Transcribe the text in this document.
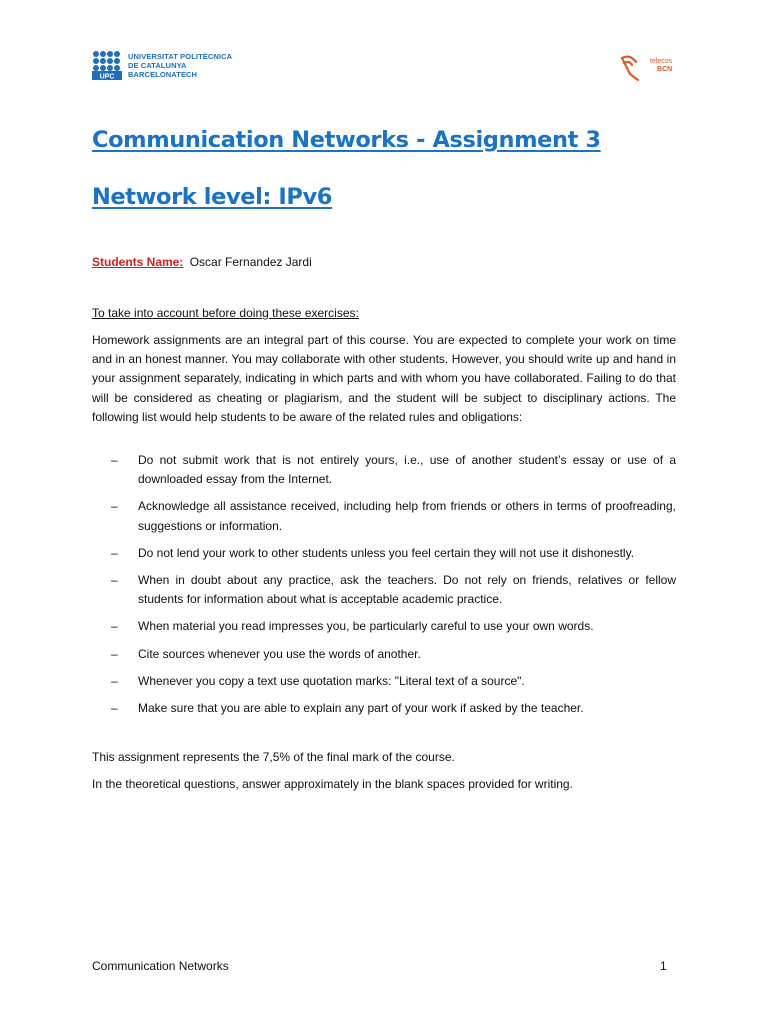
UPC
UNIVERSITAT POLITÈCNICA
DE CATALUNYA
BARCELONATECH
telecos
BCN
Communication Networks - Assignment 3
Network level: IPv6
Students Name: Oscar Fernandez Jardi
To take into account before doing these exercises:
Homework assignments are an integral part of this course. You are expected to complete your work on time and in an honest manner. You may collaborate with other students. However, you should write up and hand in your assignment separately, indicating in which parts and with whom you have collaborated. Failing to do that will be considered as cheating or plagiarism, and the student will be subject to disciplinary actions. The following list would help students to be aware of the related rules and obligations:
–	Do not submit work that is not entirely yours, i.e., use of another student’s essay or use of a downloaded essay from the Internet.
–	Acknowledge all assistance received, including help from friends or others in terms of proofreading, suggestions or information.
–	Do not lend your work to other students unless you feel certain they will not use it dishonestly.
–	When in doubt about any practice, ask the teachers. Do not rely on friends, relatives or fellow students for information about what is acceptable academic practice.
–	When material you read impresses you, be particularly careful to use your own words.
–	Cite sources whenever you use the words of another.
–	Whenever you copy a text use quotation marks: "Literal text of a source".
–	Make sure that you are able to explain any part of your work if asked by the teacher.
This assignment represents the 7,5% of the final mark of the course.
In the theoretical questions, answer approximately in the blank spaces provided for writing.
Communication Networks	1
